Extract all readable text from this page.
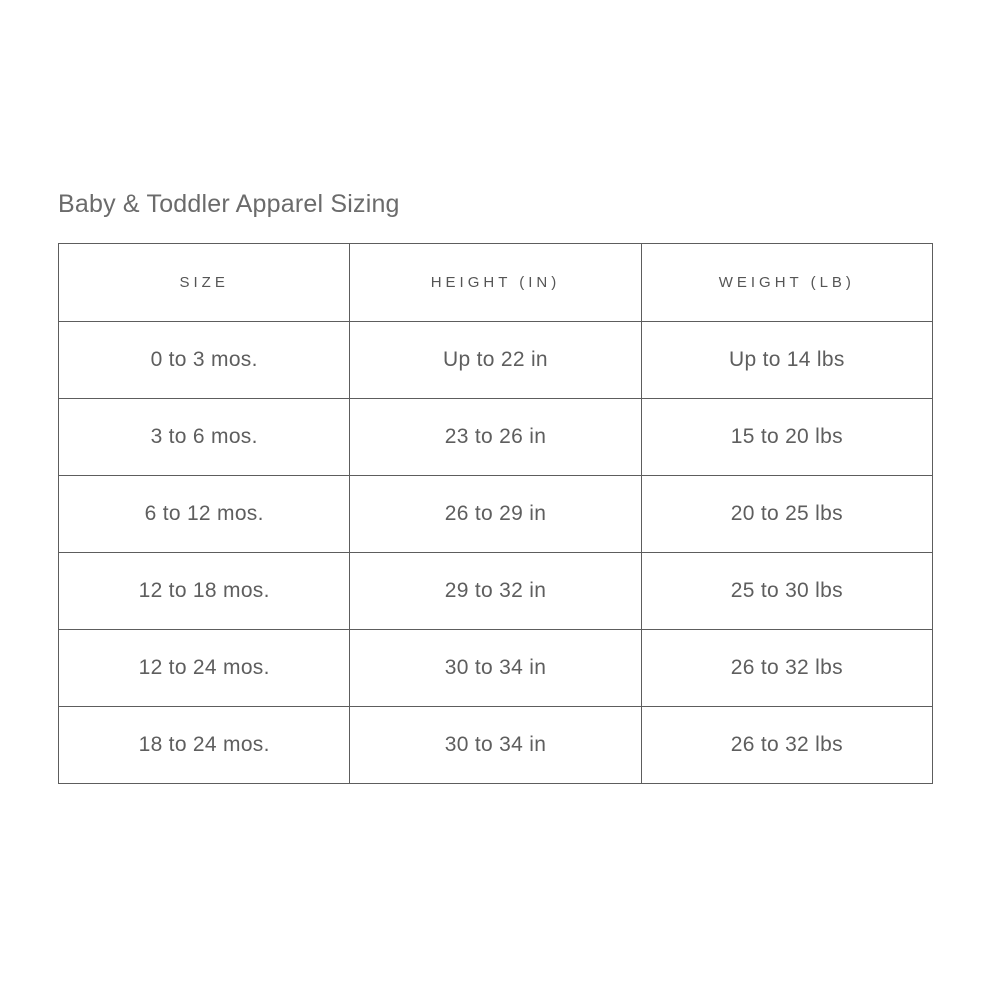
Baby & Toddler Apparel Sizing
SIZE	HEIGHT (IN)	WEIGHT (LB)
0 to 3 mos.	Up to 22 in	Up to 14 lbs
3 to 6 mos.	23 to 26 in	15 to 20 lbs
6 to 12 mos.	26 to 29 in	20 to 25 lbs
12 to 18 mos.	29 to 32 in	25 to 30 lbs
12 to 24 mos.	30 to 34 in	26 to 32 lbs
18 to 24 mos.	30 to 34 in	26 to 32 lbs
